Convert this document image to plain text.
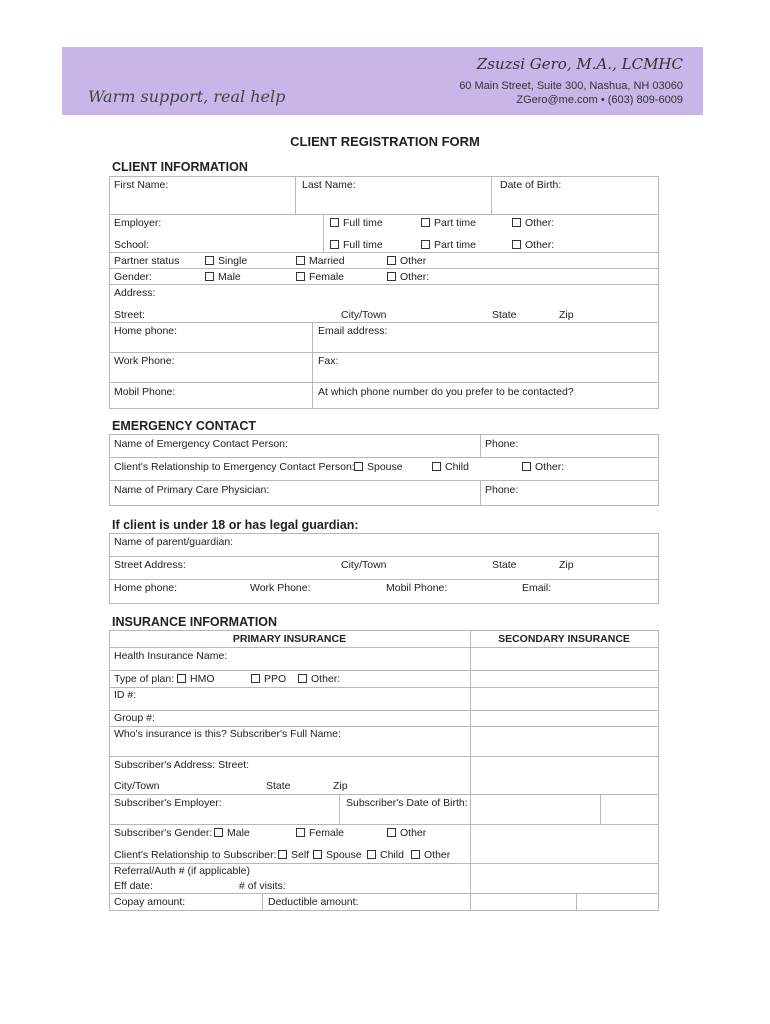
Zsuzsi Gero, M.A., LCMHC
60 Main Street, Suite 300, Nashua, NH 03060
ZGero@me.com • (603) 809-6009
Warm support, real help
CLIENT REGISTRATION FORM
CLIENT INFORMATION
First Name:	Last Name:	Date of Birth:
Employer:	Full time	Part time	Other:
School:	Full time	Part time	Other:
Partner status	Single	Married	Other
Gender:	Male	Female	Other:
Address:
Street:	City/Town	State	Zip
Home phone:	Email address:
Work Phone:	Fax:
Mobil Phone:	At which phone number do you prefer to be contacted?
EMERGENCY CONTACT
Name of Emergency Contact Person:	Phone:
Client's Relationship to Emergency Contact Person:	Spouse	Child	Other:
Name of Primary Care Physician:	Phone:
If client is under 18 or has legal guardian:
Name of parent/guardian:
Street Address:	City/Town	State	Zip
Home phone:	Work Phone:	Mobil Phone:	Email:
INSURANCE INFORMATION
PRIMARY INSURANCE	SECONDARY INSURANCE
Health Insurance Name:
Type of plan:	HMO	PPO	Other:
ID #:
Group #:
Who's insurance is this? Subscriber's Full Name:
Subscriber's Address: Street:
City/Town	State	Zip
Subscriber's Employer:	Subscriber's Date of Birth:
Subscriber's Gender:	Male	Female	Other
Client's Relationship to Subscriber:	Self	Spouse	Child	Other
Referral/Auth # (if applicable)
Eff date:	# of visits:
Copay amount:	Deductible amount:
